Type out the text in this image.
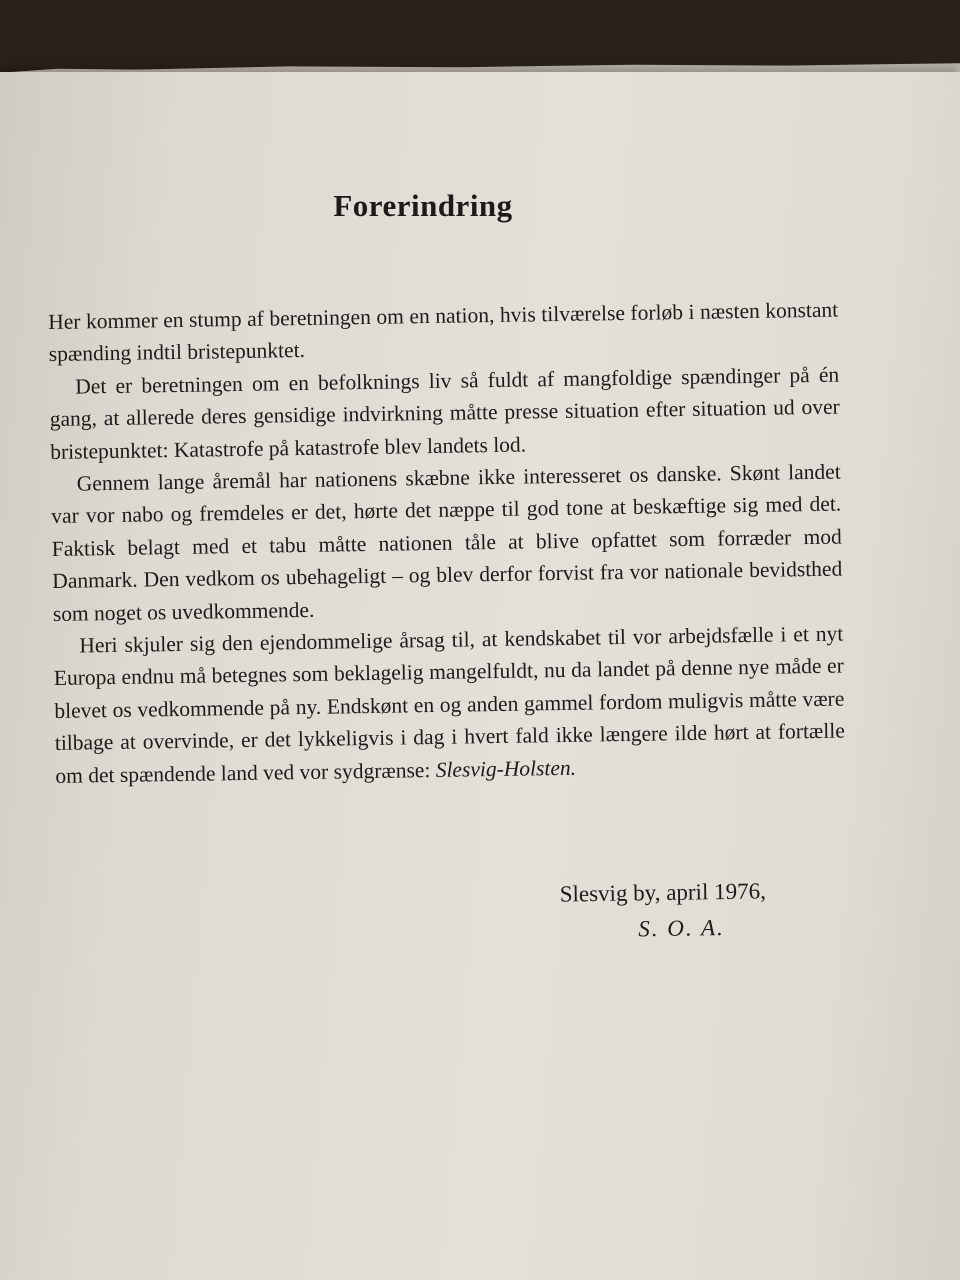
Forerindring

Her kommer en stump af beretningen om en nation, hvis tilværelse forløb i næsten konstant spænding indtil bristepunktet.

Det er beretningen om en befolknings liv så fuldt af mangfoldige spændinger på én gang, at allerede deres gensidige indvirkning måtte presse situation efter situation ud over bristepunktet: Katastrofe på katastrofe blev landets lod.

Gennem lange åremål har nationens skæbne ikke interesseret os danske. Skønt landet var vor nabo og fremdeles er det, hørte det næppe til god tone at beskæftige sig med det. Faktisk belagt med et tabu måtte nationen tåle at blive opfattet som forræder mod Danmark. Den vedkom os ubehageligt – og blev derfor forvist fra vor nationale bevidsthed som noget os uvedkommende.

Heri skjuler sig den ejendommelige årsag til, at kendskabet til vor arbejdsfælle i et nyt Europa endnu må betegnes som beklagelig mangelfuldt, nu da landet på denne nye måde er blevet os vedkommende på ny. Endskønt en og anden gammel fordom muligvis måtte være tilbage at overvinde, er det lykkeligvis i dag i hvert fald ikke længere ilde hørt at fortælle om det spændende land ved vor sydgrænse: Slesvig-Holsten.

Slesvig by, april 1976,
S. O. A.
